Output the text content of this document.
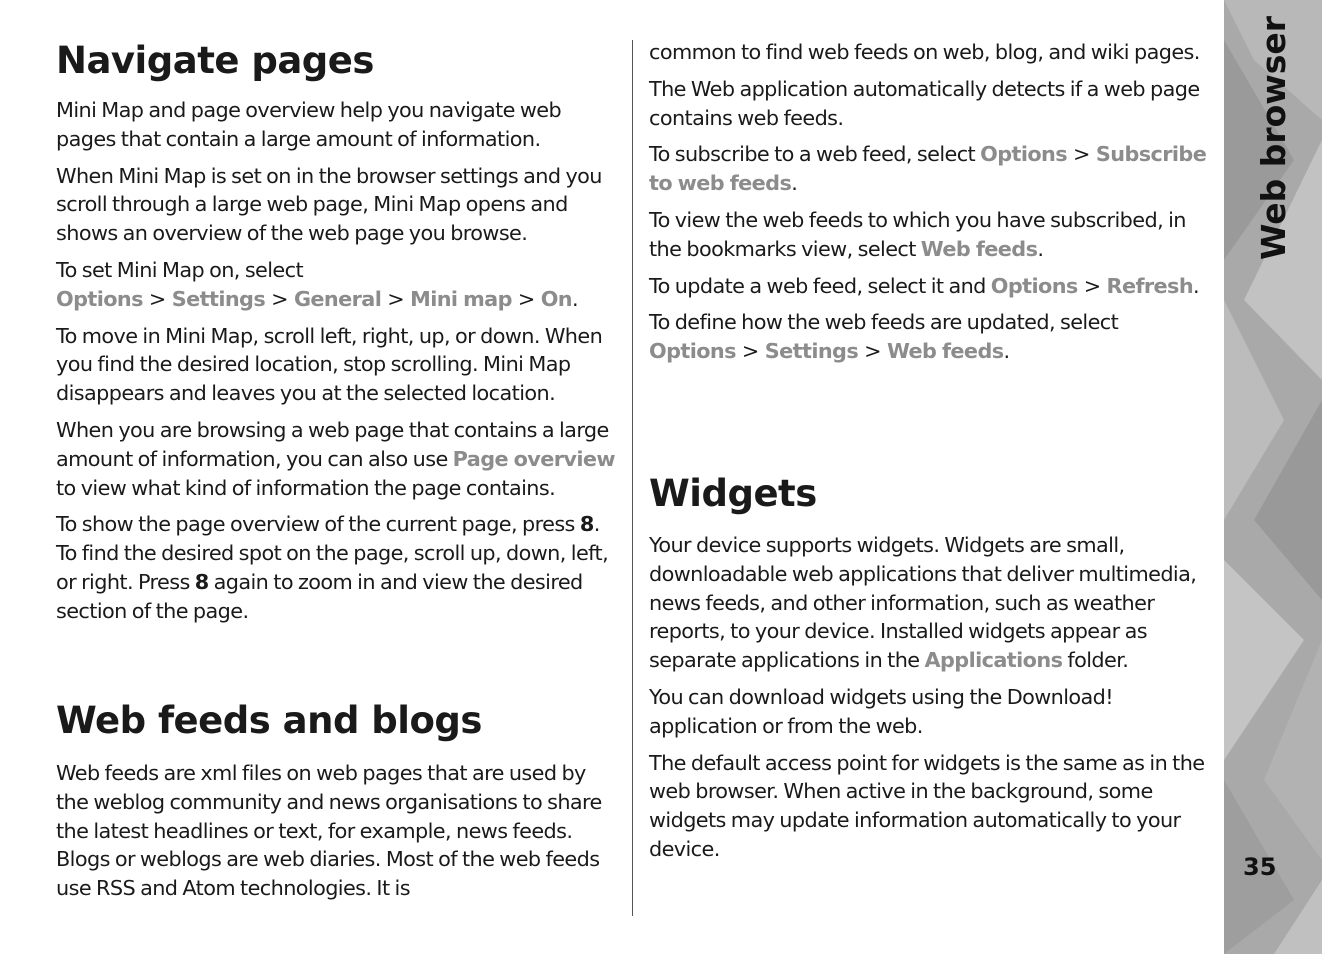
Navigate pages

Mini Map and page overview help you navigate web pages that contain a large amount of information.

When Mini Map is set on in the browser settings and you scroll through a large web page, Mini Map opens and shows an overview of the web page you browse.

To set Mini Map on, select Options > Settings > General > Mini map > On.

To move in Mini Map, scroll left, right, up, or down. When you find the desired location, stop scrolling. Mini Map disappears and leaves you at the selected location.

When you are browsing a web page that contains a large amount of information, you can also use Page overview to view what kind of information the page contains.

To show the page overview of the current page, press 8. To find the desired spot on the page, scroll up, down, left, or right. Press 8 again to zoom in and view the desired section of the page.

Web feeds and blogs

Web feeds are xml files on web pages that are used by the weblog community and news organisations to share the latest headlines or text, for example, news feeds. Blogs or weblogs are web diaries. Most of the web feeds use RSS and Atom technologies. It is

common to find web feeds on web, blog, and wiki pages.

The Web application automatically detects if a web page contains web feeds.

To subscribe to a web feed, select Options > Subscribe to web feeds.

To view the web feeds to which you have subscribed, in the bookmarks view, select Web feeds.

To update a web feed, select it and Options > Refresh.

To define how the web feeds are updated, select Options > Settings > Web feeds.

Widgets

Your device supports widgets. Widgets are small, downloadable web applications that deliver multimedia, news feeds, and other information, such as weather reports, to your device. Installed widgets appear as separate applications in the Applications folder.

You can download widgets using the Download! application or from the web.

The default access point for widgets is the same as in the web browser. When active in the background, some widgets may update information automatically to your device.

Web browser
35
